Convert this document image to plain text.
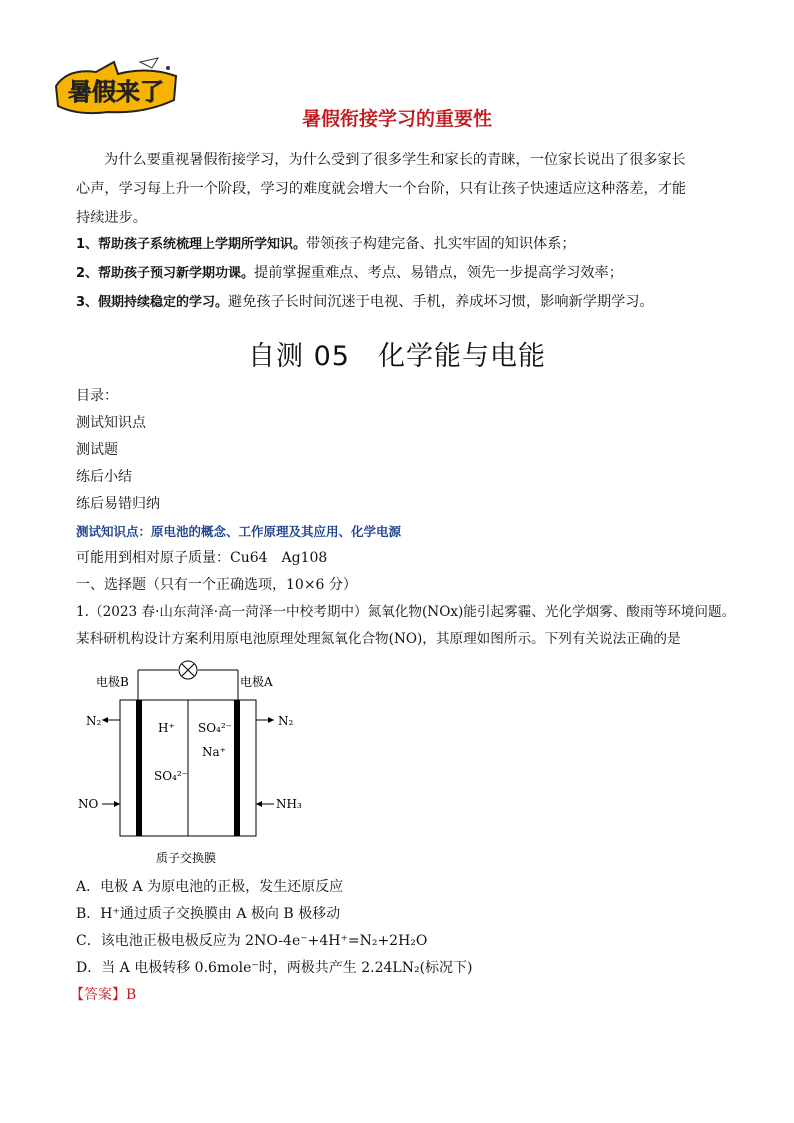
暑假来了
暑假衔接学习的重要性

为什么要重视暑假衔接学习，为什么受到了很多学生和家长的青睐，一位家长说出了很多家长

心声，学习每上升一个阶段，学习的难度就会增大一个台阶，只有让孩子快速适应这种落差，才能

持续进步。

1、帮助孩子系统梳理上学期所学知识。带领孩子构建完备、扎实牢固的知识体系；

2、帮助孩子预习新学期功课。提前掌握重难点、考点、易错点，领先一步提高学习效率；

3、假期持续稳定的学习。避免孩子长时间沉迷于电视、手机，养成坏习惯，影响新学期学习。

自测 05　化学能与电能
目录：
测试知识点
测试题
练后小结
练后易错归纳
测试知识点：原电池的概念、工作原理及其应用、化学电源
可能用到相对原子质量：Cu64　Ag108
一、选择题（只有一个正确选项，10×6 分）
1.（2023 春·山东菏泽·高一菏泽一中校考期中）氮氧化物(NOx)能引起雾霾、光化学烟雾、酸雨等环境问题。
某科研机构设计方案利用原电池原理处理氮氧化合物(NO)，其原理如图所示。下列有关说法正确的是
电极B	电极A
N₂
NO
N₂
NH₃
H⁺
SO₄²⁻
SO₄²⁻
Na⁺
质子交换膜
A．电极 A 为原电池的正极，发生还原反应
B．H⁺通过质子交换膜由 A 极向 B 极移动
C．该电池正极电极反应为 2NO-4e⁻+4H⁺=N₂+2H₂O
D．当 A 电极转移 0.6mole⁻时，两极共产生 2.24LN₂(标况下)
【答案】B
